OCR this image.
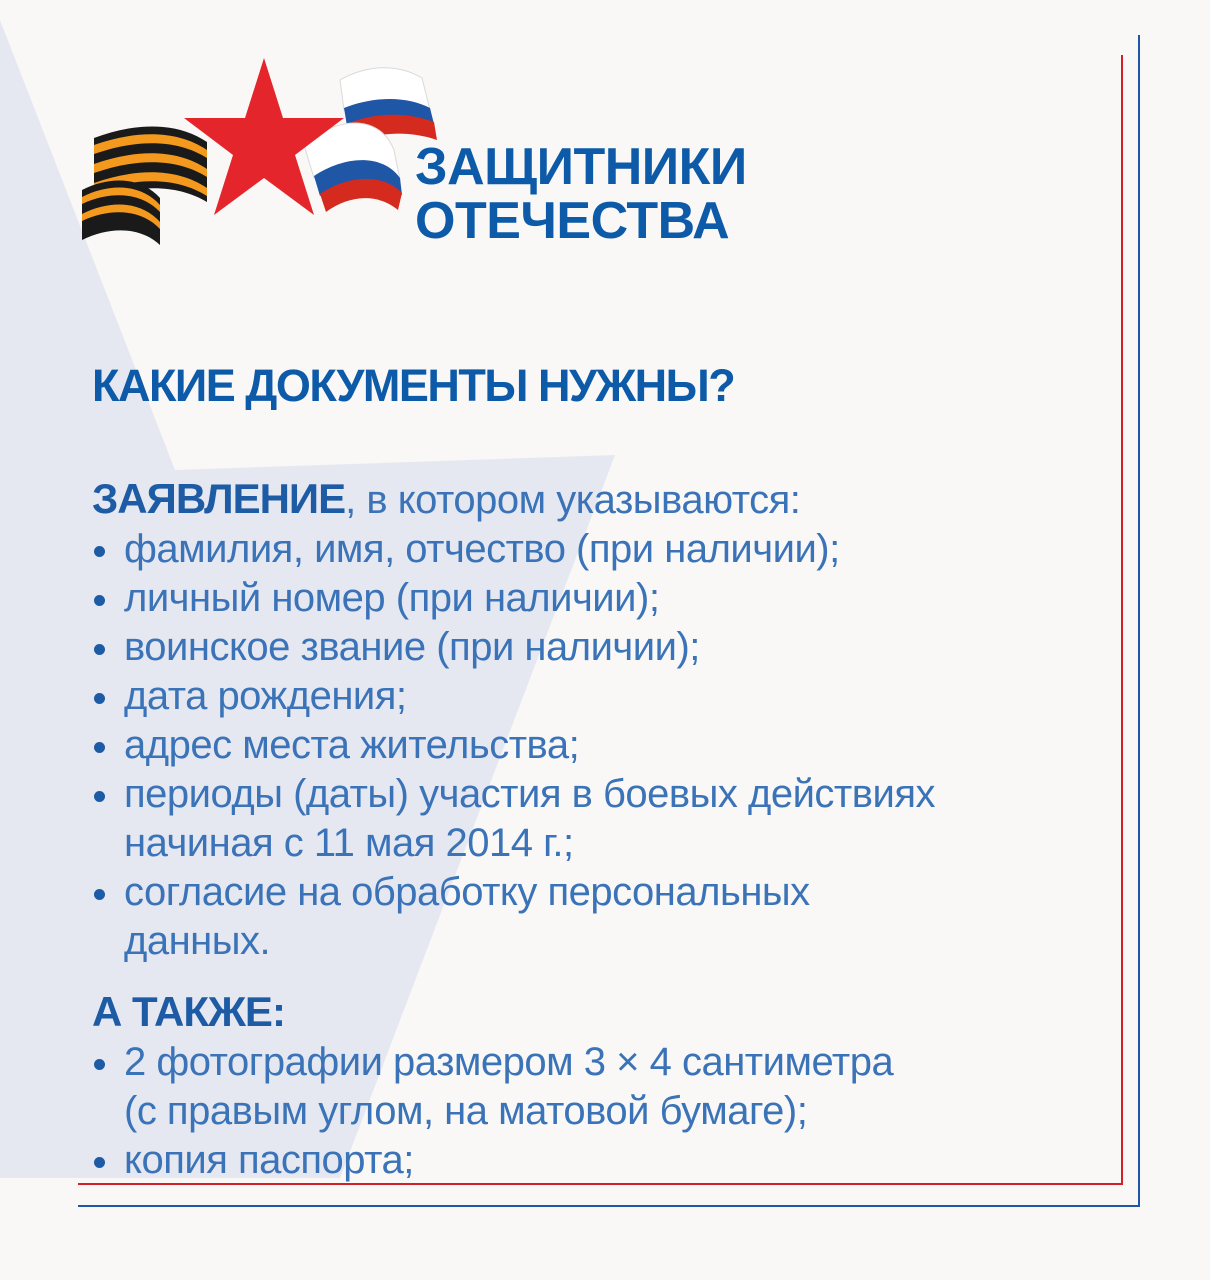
ЗАЩИТНИКИ
ОТЕЧЕСТВА
КАКИЕ ДОКУМЕНТЫ НУЖНЫ?
ЗАЯВЛЕНИЕ, в котором указываются:
фамилия, имя, отчество (при наличии);
личный номер (при наличии);
воинское звание (при наличии);
дата рождения;
адрес места жительства;
периоды (даты) участия в боевых действиях
начиная с 11 мая 2014 г.;
согласие на обработку персональных
данных.
А ТАКЖЕ:
2 фотографии размером 3 × 4 сантиметра
(с правым углом, на матовой бумаге);
копия паспорта;
